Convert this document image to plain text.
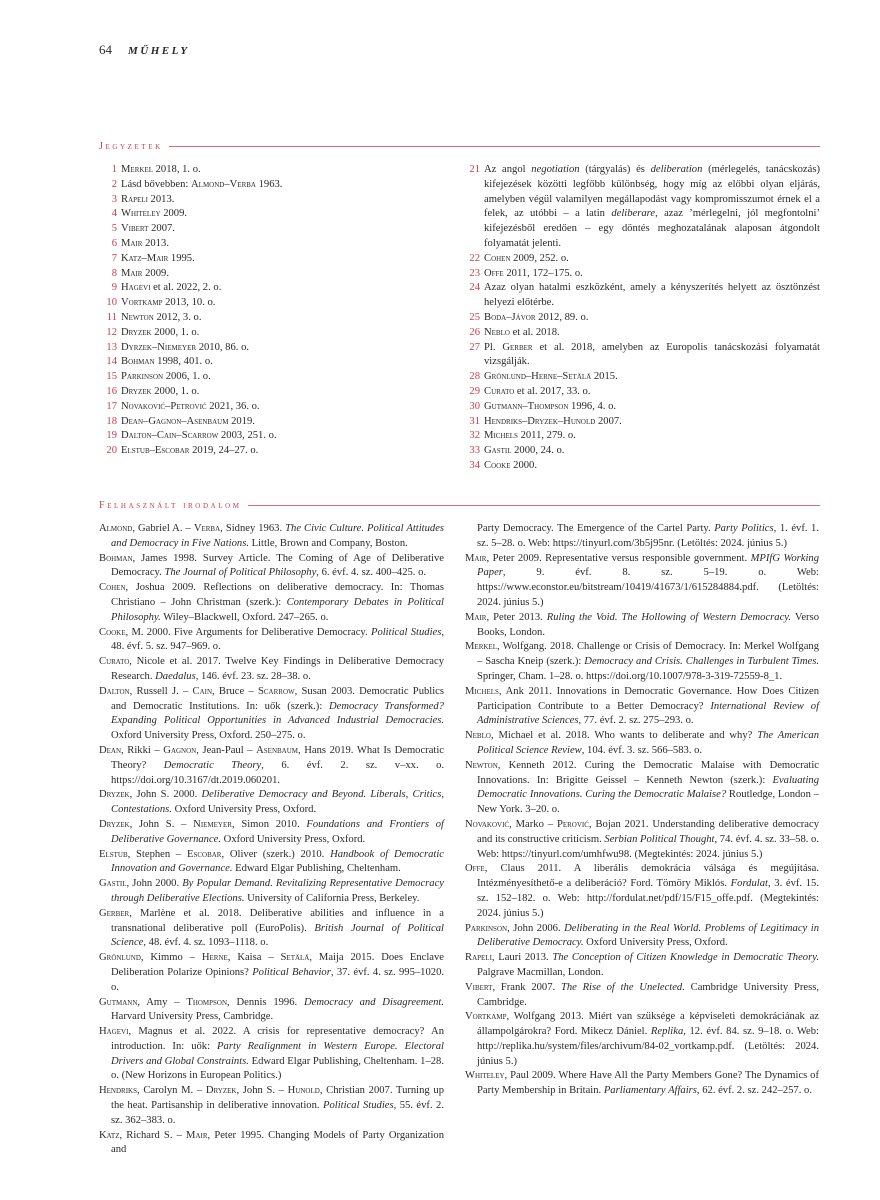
64 MŰHELY
Jegyzetek
1 Merkel 2018, 1. o.
2 Lásd bővebben: Almond–Verba 1963.
3 Rapeli 2013.
4 Whiteley 2009.
5 Vibert 2007.
6 Mair 2013.
7 Katz–Mair 1995.
8 Mair 2009.
9 Hagevi et al. 2022, 2. o.
10 Vortkamp 2013, 10. o.
11 Newton 2012, 3. o.
12 Dryzek 2000, 1. o.
13 Dyrzek–Niemeyer 2010, 86. o.
14 Bohman 1998, 401. o.
15 Parkinson 2006, 1. o.
16 Dryzek 2000, 1. o.
17 Novaković–Petrović 2021, 36. o.
18 Dean–Gagnon–Asenbaum 2019.
19 Dalton–Cain–Scarrow 2003, 251. o.
20 Elstub–Escobar 2019, 24–27. o.
21 Az angol negotiation (tárgyalás) és deliberation (mérlegelés, tanácskozás) kifejezések közötti legfőbb különbség, hogy míg az előbbi olyan eljárás, amelyben végül valamilyen megállapodást vagy kompromisszumot érnek el a felek, az utóbbi – a latin deliberare, azaz ’mérlegelni, jól megfontolni’ kifejezésből eredően – egy döntés meghozatalának alaposan átgondolt folyamatát jelenti.
22 Cohen 2009, 252. o.
23 Offe 2011, 172–175. o.
24 Azaz olyan hatalmi eszközként, amely a kényszerítés helyett az ösztönzést helyezi előtérbe.
25 Boda–Jávor 2012, 89. o.
26 Neblo et al. 2018.
27 Pl. Gerber et al. 2018, amelyben az Europolis tanácskozási folyamatát vizsgálják.
28 Grönlund–Herne–Setälä 2015.
29 Curato et al. 2017, 33. o.
30 Gutmann–Thompson 1996, 4. o.
31 Hendriks–Dryzek–Hunold 2007.
32 Michels 2011, 279. o.
33 Gastil 2000, 24. o.
34 Cooke 2000.
Felhasznált irodalom
Almond, Gabriel A. – Verba, Sidney 1963. The Civic Culture. Political Attitudes and Democracy in Five Nations. Little, Brown and Company, Boston.
Bohman, James 1998. Survey Article. The Coming of Age of Deliberative Democracy. The Journal of Political Philosophy, 6. évf. 4. sz. 400–425. o.
Cohen, Joshua 2009. Reflections on deliberative democracy. In: Thomas Christiano – John Christman (szerk.): Contemporary Debates in Political Philosophy. Wiley–Blackwell, Oxford. 247–265. o.
Cooke, M. 2000. Five Arguments for Deliberative Democracy. Political Studies, 48. évf. 5. sz. 947–969. o.
Curato, Nicole et al. 2017. Twelve Key Findings in Deliberative Democracy Research. Daedalus, 146. évf. 23. sz. 28–38. o.
Dalton, Russell J. – Cain, Bruce – Scarrow, Susan 2003. Democratic Publics and Democratic Institutions. In: uők (szerk.): Democracy Transformed? Expanding Political Opportunities in Advanced Industrial Democracies. Oxford University Press, Oxford. 250–275. o.
Dean, Rikki – Gagnon, Jean-Paul – Asenbaum, Hans 2019. What Is Democratic Theory? Democratic Theory, 6. évf. 2. sz. v–xx. o. https://doi.org/10.3167/dt.2019.060201.
Dryzek, John S. 2000. Deliberative Democracy and Beyond. Liberals, Critics, Contestations. Oxford University Press, Oxford.
Dryzek, John S. – Niemeyer, Simon 2010. Foundations and Frontiers of Deliberative Governance. Oxford University Press, Oxford.
Elstub, Stephen – Escobar, Oliver (szerk.) 2010. Handbook of Democratic Innovation and Governance. Edward Elgar Publishing, Cheltenham.
Gastil, John 2000. By Popular Demand. Revitalizing Representative Democracy through Deliberative Elections. University of California Press, Berkeley.
Gerber, Marlène et al. 2018. Deliberative abilities and influence in a transnational deliberative poll (EuroPolis). British Journal of Political Science, 48. évf. 4. sz. 1093–1118. o.
Grönlund, Kimmo – Herne, Kaisa – Setälä, Maija 2015. Does Enclave Deliberation Polarize Opinions? Political Behavior, 37. évf. 4. sz. 995–1020. o.
Gutmann, Amy – Thompson, Dennis 1996. Democracy and Disagreement. Harvard University Press, Cambridge.
Hagevi, Magnus et al. 2022. A crisis for representative democracy? An introduction. In: uők: Party Realignment in Western Europe. Electoral Drivers and Global Constraints. Edward Elgar Publishing, Cheltenham. 1–28. o. (New Horizons in European Politics.)
Hendriks, Carolyn M. – Dryzek, John S. – Hunold, Christian 2007. Turning up the heat. Partisanship in deliberative innovation. Political Studies, 55. évf. 2. sz. 362–383. o.
Katz, Richard S. – Mair, Peter 1995. Changing Models of Party Organization and
Party Democracy. The Emergence of the Cartel Party. Party Politics, 1. évf. 1. sz. 5–28. o. Web: https://tinyurl.com/3b5j95nr. (Letöltés: 2024. június 5.)
Mair, Peter 2009. Representative versus responsible government. MPIfG Working Paper, 9. évf. 8. sz. 5–19. o. Web: https://www.econstor.eu/bitstream/10419/41673/1/615284884.pdf. (Letöltés: 2024. június 5.)
Mair, Peter 2013. Ruling the Void. The Hollowing of Western Democracy. Verso Books, London.
Merkel, Wolfgang. 2018. Challenge or Crisis of Democracy. In: Merkel Wolfgang – Sascha Kneip (szerk.): Democracy and Crisis. Challenges in Turbulent Times. Springer, Cham. 1–28. o. https://doi.org/10.1007/978-3-319-72559-8_1.
Michels, Ank 2011. Innovations in Democratic Governance. How Does Citizen Participation Contribute to a Better Democracy? International Review of Administrative Sciences, 77. évf. 2. sz. 275–293. o.
Neblo, Michael et al. 2018. Who wants to deliberate and why? The American Political Science Review, 104. évf. 3. sz. 566–583. o.
Newton, Kenneth 2012. Curing the Democratic Malaise with Democratic Innovations. In: Brigitte Geissel – Kenneth Newton (szerk.): Evaluating Democratic Innovations. Curing the Democratic Malaise? Routledge, London – New York. 3–20. o.
Novaković, Marko – Perović, Bojan 2021. Understanding deliberative democracy and its constructive criticism. Serbian Political Thought, 74. évf. 4. sz. 33–58. o. Web: https://tinyurl.com/umhfwu98. (Megtekintés: 2024. június 5.)
Offe, Claus 2011. A liberális demokrácia válsága és megújítása. Intézményesíthető-e a deliberáció? Ford. Tömöry Miklós. Fordulat, 3. évf. 15. sz. 152–182. o. Web: http://fordulat.net/pdf/15/F15_offe.pdf. (Megtekintés: 2024. június 5.)
Parkinson, John 2006. Deliberating in the Real World. Problems of Legitimacy in Deliberative Democracy. Oxford University Press, Oxford.
Rapeli, Lauri 2013. The Conception of Citizen Knowledge in Democratic Theory. Palgrave Macmillan, London.
Vibert, Frank 2007. The Rise of the Unelected. Cambridge University Press, Cambridge.
Vortkamp, Wolfgang 2013. Miért van szüksége a képviseleti demokráciának az állampolgárokra? Ford. Mikecz Dániel. Replika, 12. évf. 84. sz. 9–18. o. Web: http://replika.hu/system/files/archivum/84-02_vortkamp.pdf. (Letöltés: 2024. június 5.)
Whiteley, Paul 2009. Where Have All the Party Members Gone? The Dynamics of Party Membership in Britain. Parliamentary Affairs, 62. évf. 2. sz. 242–257. o.
